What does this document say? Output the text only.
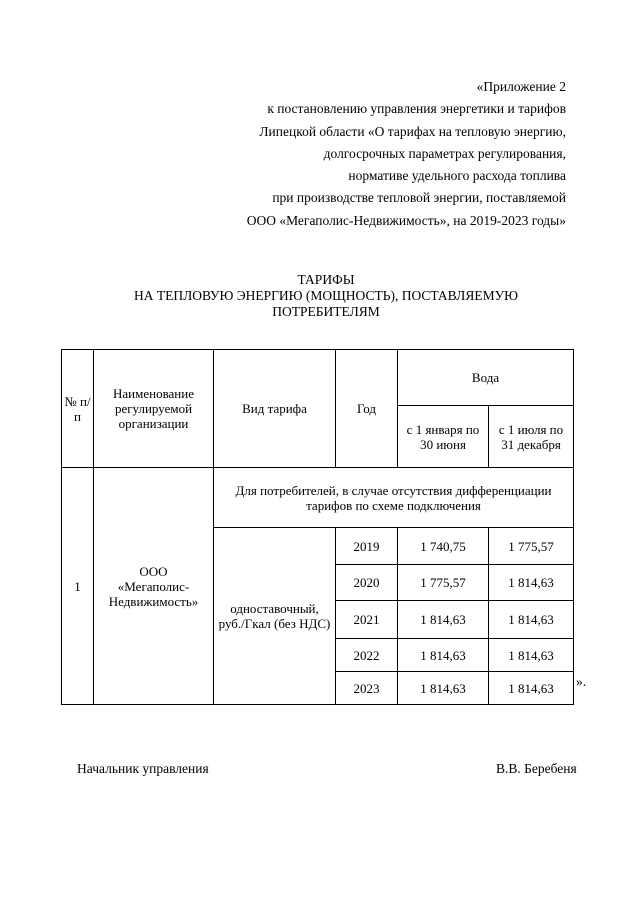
«Приложение 2
к постановлению управления энергетики и тарифов
Липецкой области «О тарифах на тепловую энергию,
долгосрочных параметрах регулирования,
нормативе удельного расхода топлива
при производстве тепловой энергии, поставляемой
ООО «Мегаполис-Недвижимость», на 2019-2023 годы»
ТАРИФЫ
НА ТЕПЛОВУЮ ЭНЕРГИЮ (МОЩНОСТЬ), ПОСТАВЛЯЕМУЮ
ПОТРЕБИТЕЛЯМ
№ п/п	Наименование регулируемой организации	Вид тарифа	Год	Вода	
				с 1 января по 30 июня	с 1 июля по 31 декабря
1	ООО
«Мегаполис-
Недвижимость»	Для потребителей, в случае отсутствия дифференциации тарифов по схеме подключения			
		одноставочный, руб./Гкал (без НДС)	2019	1 740,75	1 775,57
			2020	1 775,57	1 814,63
			2021	1 814,63	1 814,63
			2022	1 814,63	1 814,63
			2023	1 814,63	1 814,63 ».
Начальник управления	В.В. Беребеня
